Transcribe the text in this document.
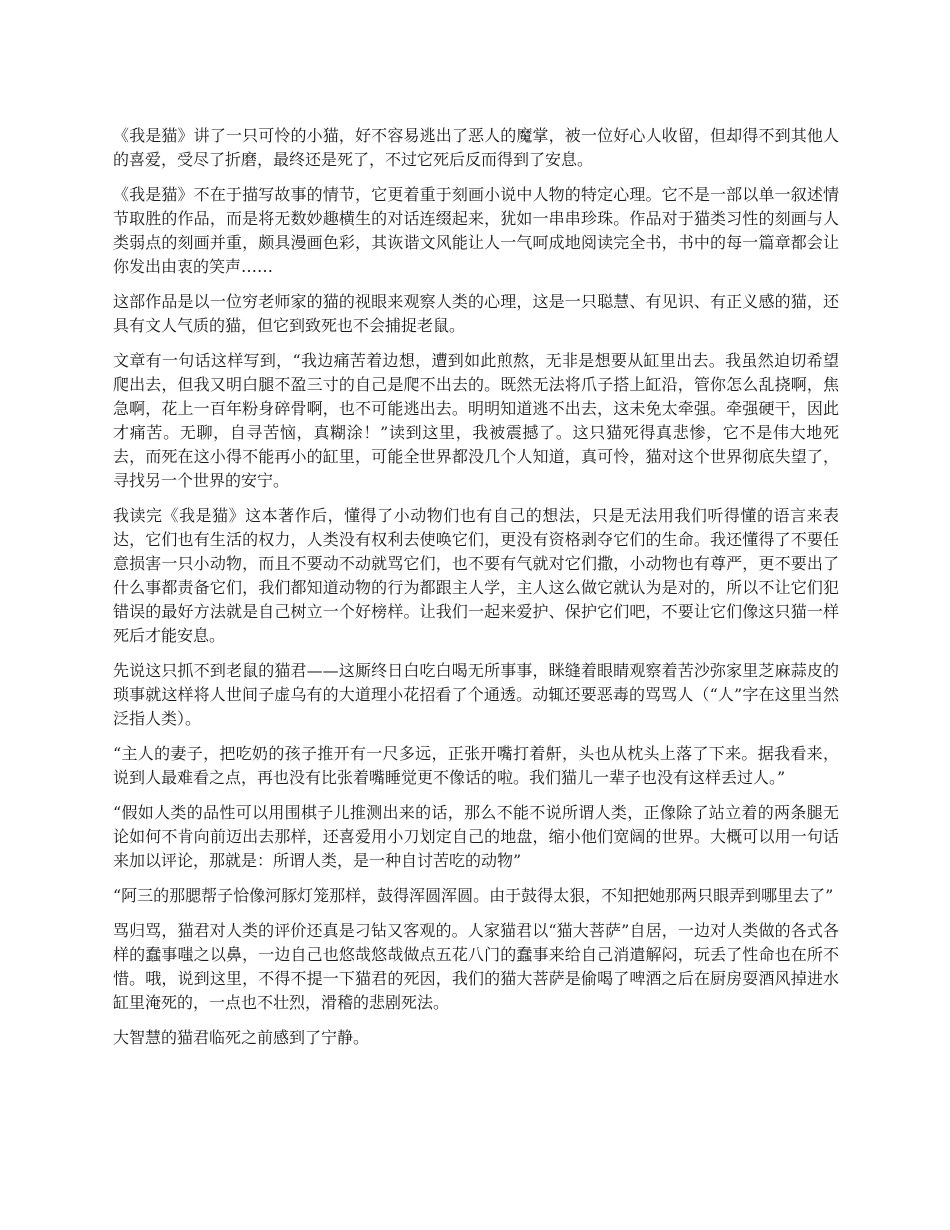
《我是猫》讲了一只可怜的小猫，好不容易逃出了恶人的魔掌，被一位好心人收留，但却得不到其他人的喜爱，受尽了折磨，最终还是死了，不过它死后反而得到了安息。

《我是猫》不在于描写故事的情节，它更着重于刻画小说中人物的特定心理。它不是一部以单一叙述情节取胜的作品，而是将无数妙趣横生的对话连缀起来，犹如一串串珍珠。作品对于猫类习性的刻画与人类弱点的刻画并重，颇具漫画色彩，其诙谐文风能让人一气呵成地阅读完全书，书中的每一篇章都会让你发出由衷的笑声……

这部作品是以一位穷老师家的猫的视眼来观察人类的心理，这是一只聪慧、有见识、有正义感的猫，还具有文人气质的猫，但它到致死也不会捕捉老鼠。

文章有一句话这样写到，“我边痛苦着边想，遭到如此煎熬，无非是想要从缸里出去。我虽然迫切希望爬出去，但我又明白腿不盈三寸的自己是爬不出去的。既然无法将爪子搭上缸沿，管你怎么乱挠啊，焦急啊，花上一百年粉身碎骨啊，也不可能逃出去。明明知道逃不出去，这未免太牵强。牵强硬干，因此才痛苦。无聊，自寻苦恼，真糊涂！”读到这里，我被震撼了。这只猫死得真悲惨，它不是伟大地死去，而死在这小得不能再小的缸里，可能全世界都没几个人知道，真可怜，猫对这个世界彻底失望了，寻找另一个世界的安宁。

我读完《我是猫》这本著作后，懂得了小动物们也有自己的想法，只是无法用我们听得懂的语言来表达，它们也有生活的权力，人类没有权利去使唤它们，更没有资格剥夺它们的生命。我还懂得了不要任意损害一只小动物，而且不要动不动就骂它们，也不要有气就对它们撒，小动物也有尊严，更不要出了什么事都责备它们，我们都知道动物的行为都跟主人学，主人这么做它就认为是对的，所以不让它们犯错误的最好方法就是自己树立一个好榜样。让我们一起来爱护、保护它们吧，不要让它们像这只猫一样死后才能安息。

先说这只抓不到老鼠的猫君——这厮终日白吃白喝无所事事，眯缝着眼睛观察着苦沙弥家里芝麻蒜皮的琐事就这样将人世间子虚乌有的大道理小花招看了个通透。动辄还要恶毒的骂骂人（“人”字在这里当然泛指人类）。

“主人的妻子，把吃奶的孩子推开有一尺多远，正张开嘴打着鼾，头也从枕头上落了下来。据我看来，说到人最难看之点，再也没有比张着嘴睡觉更不像话的啦。我们猫儿一辈子也没有这样丢过人。”

“假如人类的品性可以用围棋子儿推测出来的话，那么不能不说所谓人类，正像除了站立着的两条腿无论如何不肯向前迈出去那样，还喜爱用小刀划定自己的地盘，缩小他们宽阔的世界。大概可以用一句话来加以评论，那就是：所谓人类，是一种自讨苦吃的动物”

“阿三的那腮帮子恰像河豚灯笼那样，鼓得浑圆浑圆。由于鼓得太狠，不知把她那两只眼弄到哪里去了”

骂归骂，猫君对人类的评价还真是刁钻又客观的。人家猫君以“猫大菩萨”自居，一边对人类做的各式各样的蠢事嗤之以鼻，一边自己也悠哉悠哉做点五花八门的蠢事来给自己消遣解闷，玩丢了性命也在所不惜。哦，说到这里，不得不提一下猫君的死因，我们的猫大菩萨是偷喝了啤酒之后在厨房耍酒风掉进水缸里淹死的，一点也不壮烈，滑稽的悲剧死法。

大智慧的猫君临死之前感到了宁静。
